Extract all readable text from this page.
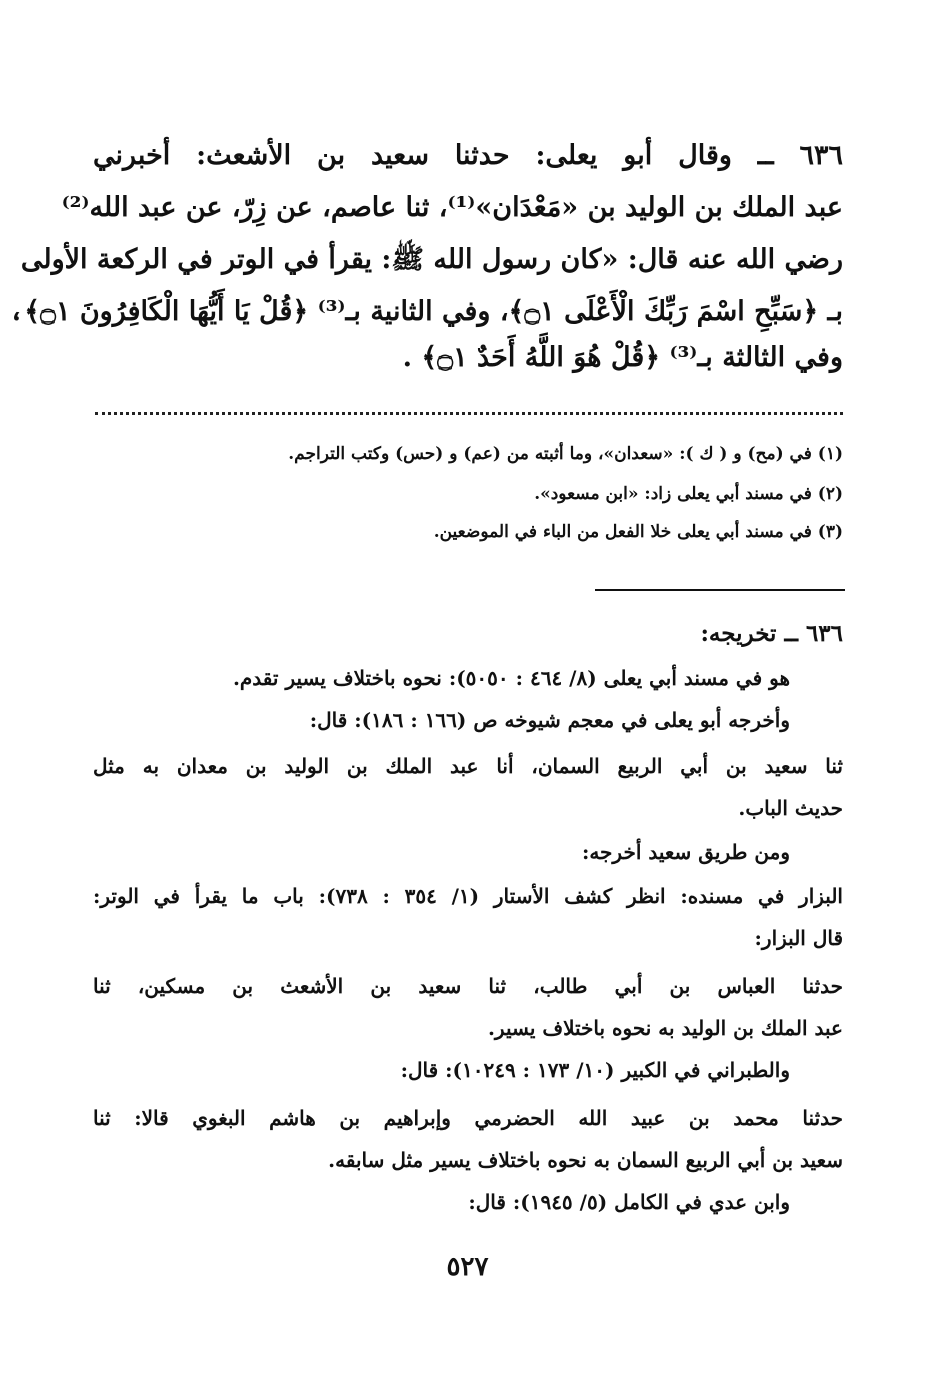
٦٣٦ ــ وقال أبو يعلى: حدثنا سعيد بن الأشعث: أخبرني
عبد الملك بن الوليد بن «مَعْدَان»⁽¹⁾، ثنا عاصم، عن زِرّ، عن عبد الله⁽²⁾
رضي الله عنه قال: «كان رسول الله ﷺ: يقرأ في الوتر في الركعة الأولى
بـ ﴿سَبِّحِ اسْمَ رَبِّكَ الْأَعْلَى ۝١﴾، وفي الثانية بـ⁽³⁾ ﴿قُلْ يَا أَيُّهَا الْكَافِرُونَ ۝١﴾،
وفي الثالثة بـ⁽³⁾ ﴿قُلْ هُوَ اللَّهُ أَحَدٌ ۝١﴾ .
(١) في (مح) و ( ك ): «سعدان»، وما أثبته من (عم) و (حس) وكتب التراجم.
(٢) في مسند أبي يعلى زاد: «ابن مسعود».
(٣) في مسند أبي يعلى خلا الفعل من الباء في الموضعين.
٦٣٦ ــ تخريجه:
هو في مسند أبي يعلى (٨/ ٤٦٤ : ٥٠٥٠): نحوه باختلاف يسير تقدم.
وأخرجه أبو يعلى في معجم شيوخه ص (١٦٦ : ١٨٦): قال:
ثنا سعيد بن أبي الربيع السمان، أنا عبد الملك بن الوليد بن معدان به مثل
حديث الباب.
ومن طريق سعيد أخرجه:
البزار في مسنده: انظر كشف الأستار (١/ ٣٥٤ : ٧٣٨): باب ما يقرأ في الوتر:
قال البزار:
حدثنا العباس بن أبي طالب، ثنا سعيد بن الأشعث بن مسكين، ثنا
عبد الملك بن الوليد به نحوه باختلاف يسير.
والطبراني في الكبير (١٠/ ١٧٣ : ١٠٢٤٩): قال:
حدثنا محمد بن عبيد الله الحضرمي وإبراهيم بن هاشم البغوي قالا: ثنا
سعيد بن أبي الربيع السمان به نحوه باختلاف يسير مثل سابقه.
وابن عدي في الكامل (٥/ ١٩٤٥): قال:
٥٢٧
